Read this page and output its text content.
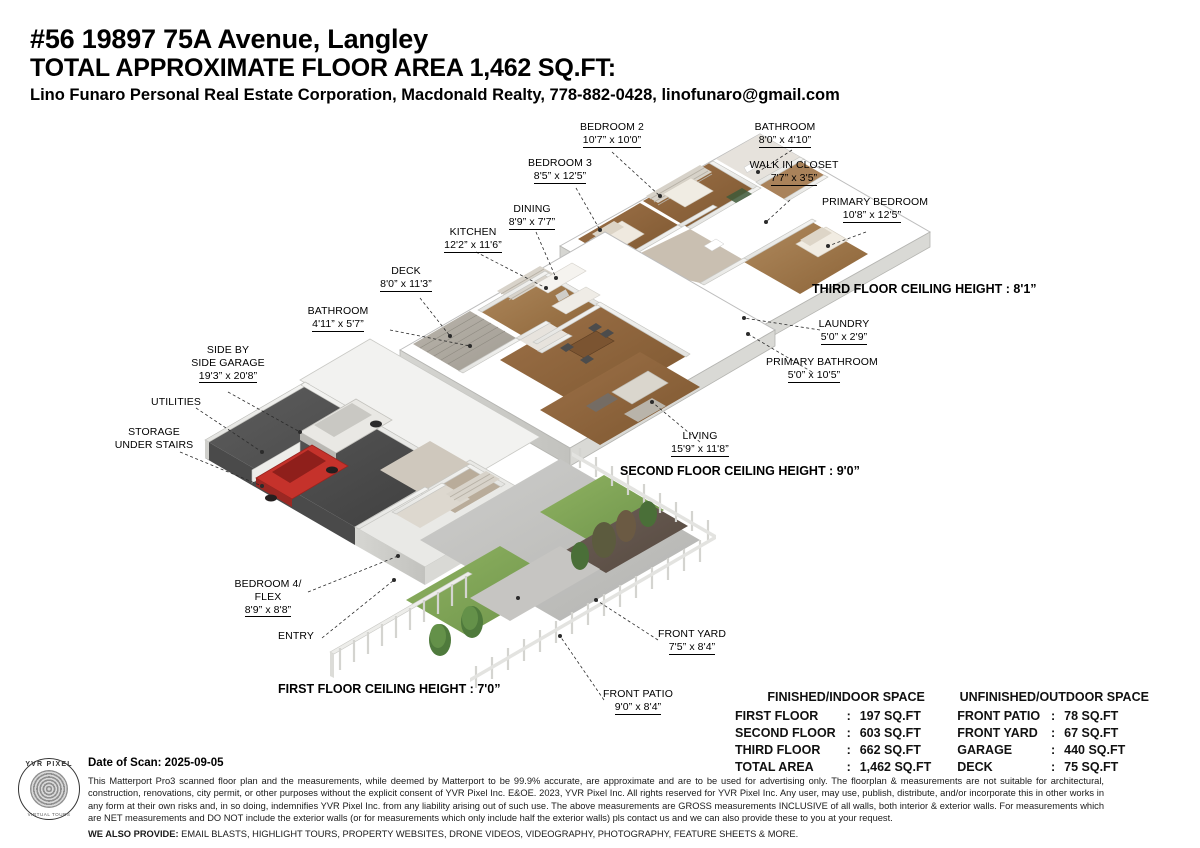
#56 19897 75A Avenue, Langley
TOTAL APPROXIMATE FLOOR AREA 1,462 SQ.FT:
Lino Funaro Personal Real Estate Corporation, Macdonald Realty, 778-882-0428, linofunaro@gmail.com
BEDROOM 2
10'7” x 10'0”
BATHROOM
8'0” x 4'10”
BEDROOM 3
8'5” x 12'5”
WALK IN CLOSET
7'7” x 3'5”
PRIMARY BEDROOM
10'8” x 12'5”
DINING
8'9” x 7'7”
KITCHEN
12'2” x 11'6”
DECK
8'0” x 11'3”
BATHROOM
4'11” x 5'7”	LAUNDRY
5'0” x 2'9”
PRIMARY BATHROOM
5'0” x 10'5”
LIVING
15'9” x 11'8”
SIDE BY
SIDE GARAGE
19'3” x 20'8”
UTILITIES
STORAGE
UNDER STAIRS
BEDROOM 4/
FLEX
8'9” x 8'8”
ENTRY	FRONT YARD
7'5” x 8'4”
FRONT PATIO
9'0” x 8'4”
THIRD FLOOR CEILING HEIGHT : 8'1”
SECOND FLOOR CEILING HEIGHT : 9'0”
FIRST FLOOR CEILING HEIGHT : 7'0”
FINISHED/INDOOR SPACE			UNFINISHED/OUTDOOR SPACE		
FIRST FLOOR	:	197 SQ.FT	FRONT PATIO	:	78 SQ.FT
SECOND FLOOR	:	603 SQ.FT	FRONT YARD	:	67 SQ.FT
THIRD FLOOR	:	662 SQ.FT	GARAGE	:	440 SQ.FT
TOTAL AREA	:	1,462 SQ.FT	DECK	:	75 SQ.FT
YVR PIXEL
VIRTUAL TOURS
Date of Scan: 2025-09-05
This Matterport Pro3 scanned floor plan and the measurements, while deemed by Matterport to be 99.9% accurate, are approximate and are to be used for advertising only. The floorplan & measurements are not suitable for architectural, construction, renovations, city permit, or other purposes without the explicit consent of YVR Pixel Inc. E&OE. 2023, YVR Pixel Inc. All rights reserved for YVR Pixel Inc. Any user, may use, publish, distribute, and/or incorporate this in other works in any form at their own risks and, in so doing, indemnifies YVR Pixel Inc. from any liability arising out of such use. The above measurements are GROSS measurements INCLUSIVE of all walls, both interior & exterior walls. For measurements which are NET measurements and DO NOT include the exterior walls (or for measurements which only include half the exterior walls) pls contact us and we can also provide these to you at your request.
WE ALSO PROVIDE: EMAIL BLASTS, HIGHLIGHT TOURS, PROPERTY WEBSITES, DRONE VIDEOS, VIDEOGRAPHY, PHOTOGRAPHY, FEATURE SHEETS & MORE.
